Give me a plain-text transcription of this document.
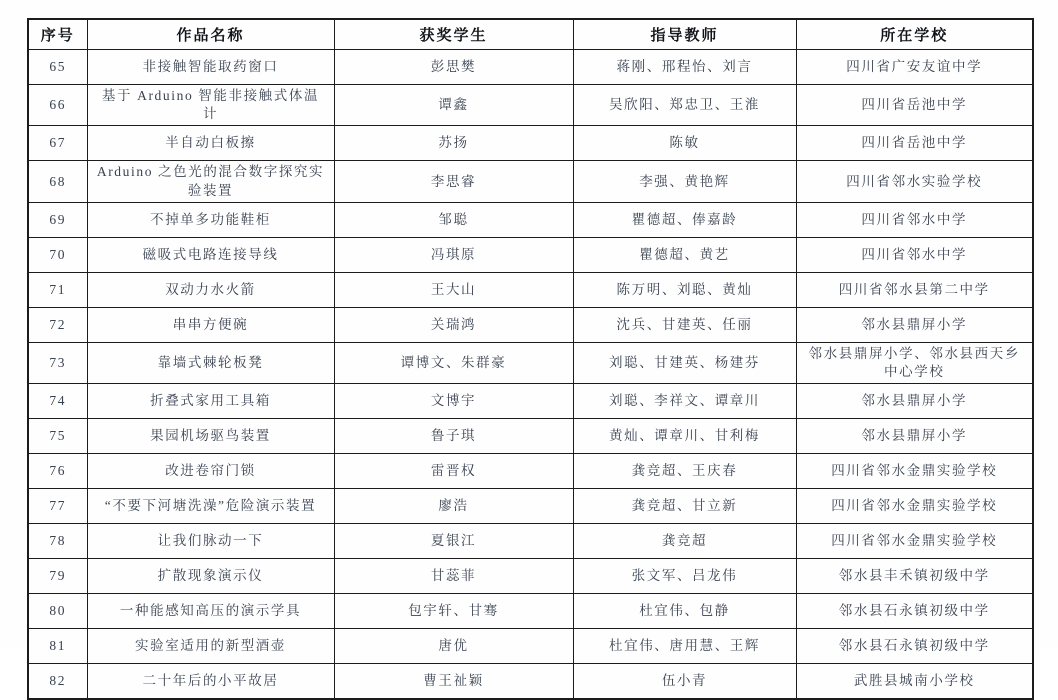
序号	作品名称	获奖学生	指导教师	所在学校
65	非接触智能取药窗口	彭思樊	蒋刚、邢程怡、刘言	四川省广安友谊中学
66	基于 Arduino 智能非接触式体温计	谭鑫	吴欣阳、郑忠卫、王淮	四川省岳池中学
67	半自动白板擦	苏扬	陈敏	四川省岳池中学
68	Arduino 之色光的混合数字探究实验装置	李思睿	李强、黄艳辉	四川省邻水实验学校
69	不掉单多功能鞋柜	邹聪	瞿德超、俸嘉龄	四川省邻水中学
70	磁吸式电路连接导线	冯琪原	瞿德超、黄艺	四川省邻水中学
71	双动力水火箭	王大山	陈万明、刘聪、黄灿	四川省邻水县第二中学
72	串串方便碗	关瑞鸿	沈兵、甘建英、任丽	邻水县鼎屏小学
73	靠墙式棘轮板凳	谭博文、朱群豪	刘聪、甘建英、杨建芬	邻水县鼎屏小学、邻水县西天乡中心学校
74	折叠式家用工具箱	文博宇	刘聪、李祥文、谭章川	邻水县鼎屏小学
75	果园机场驱鸟装置	鲁子琪	黄灿、谭章川、甘利梅	邻水县鼎屏小学
76	改进卷帘门锁	雷晋权	龚竞超、王庆春	四川省邻水金鼎实验学校
77	“不要下河塘洗澡”危险演示装置	廖浩	龚竞超、甘立新	四川省邻水金鼎实验学校
78	让我们脉动一下	夏银江	龚竞超	四川省邻水金鼎实验学校
79	扩散现象演示仪	甘蕊菲	张文军、吕龙伟	邻水县丰禾镇初级中学
80	一种能感知高压的演示学具	包宇轩、甘骞	杜宜伟、包静	邻水县石永镇初级中学
81	实验室适用的新型酒壶	唐优	杜宜伟、唐用慧、王辉	邻水县石永镇初级中学
82	二十年后的小平故居	曹王祉颖	伍小青	武胜县城南小学校
